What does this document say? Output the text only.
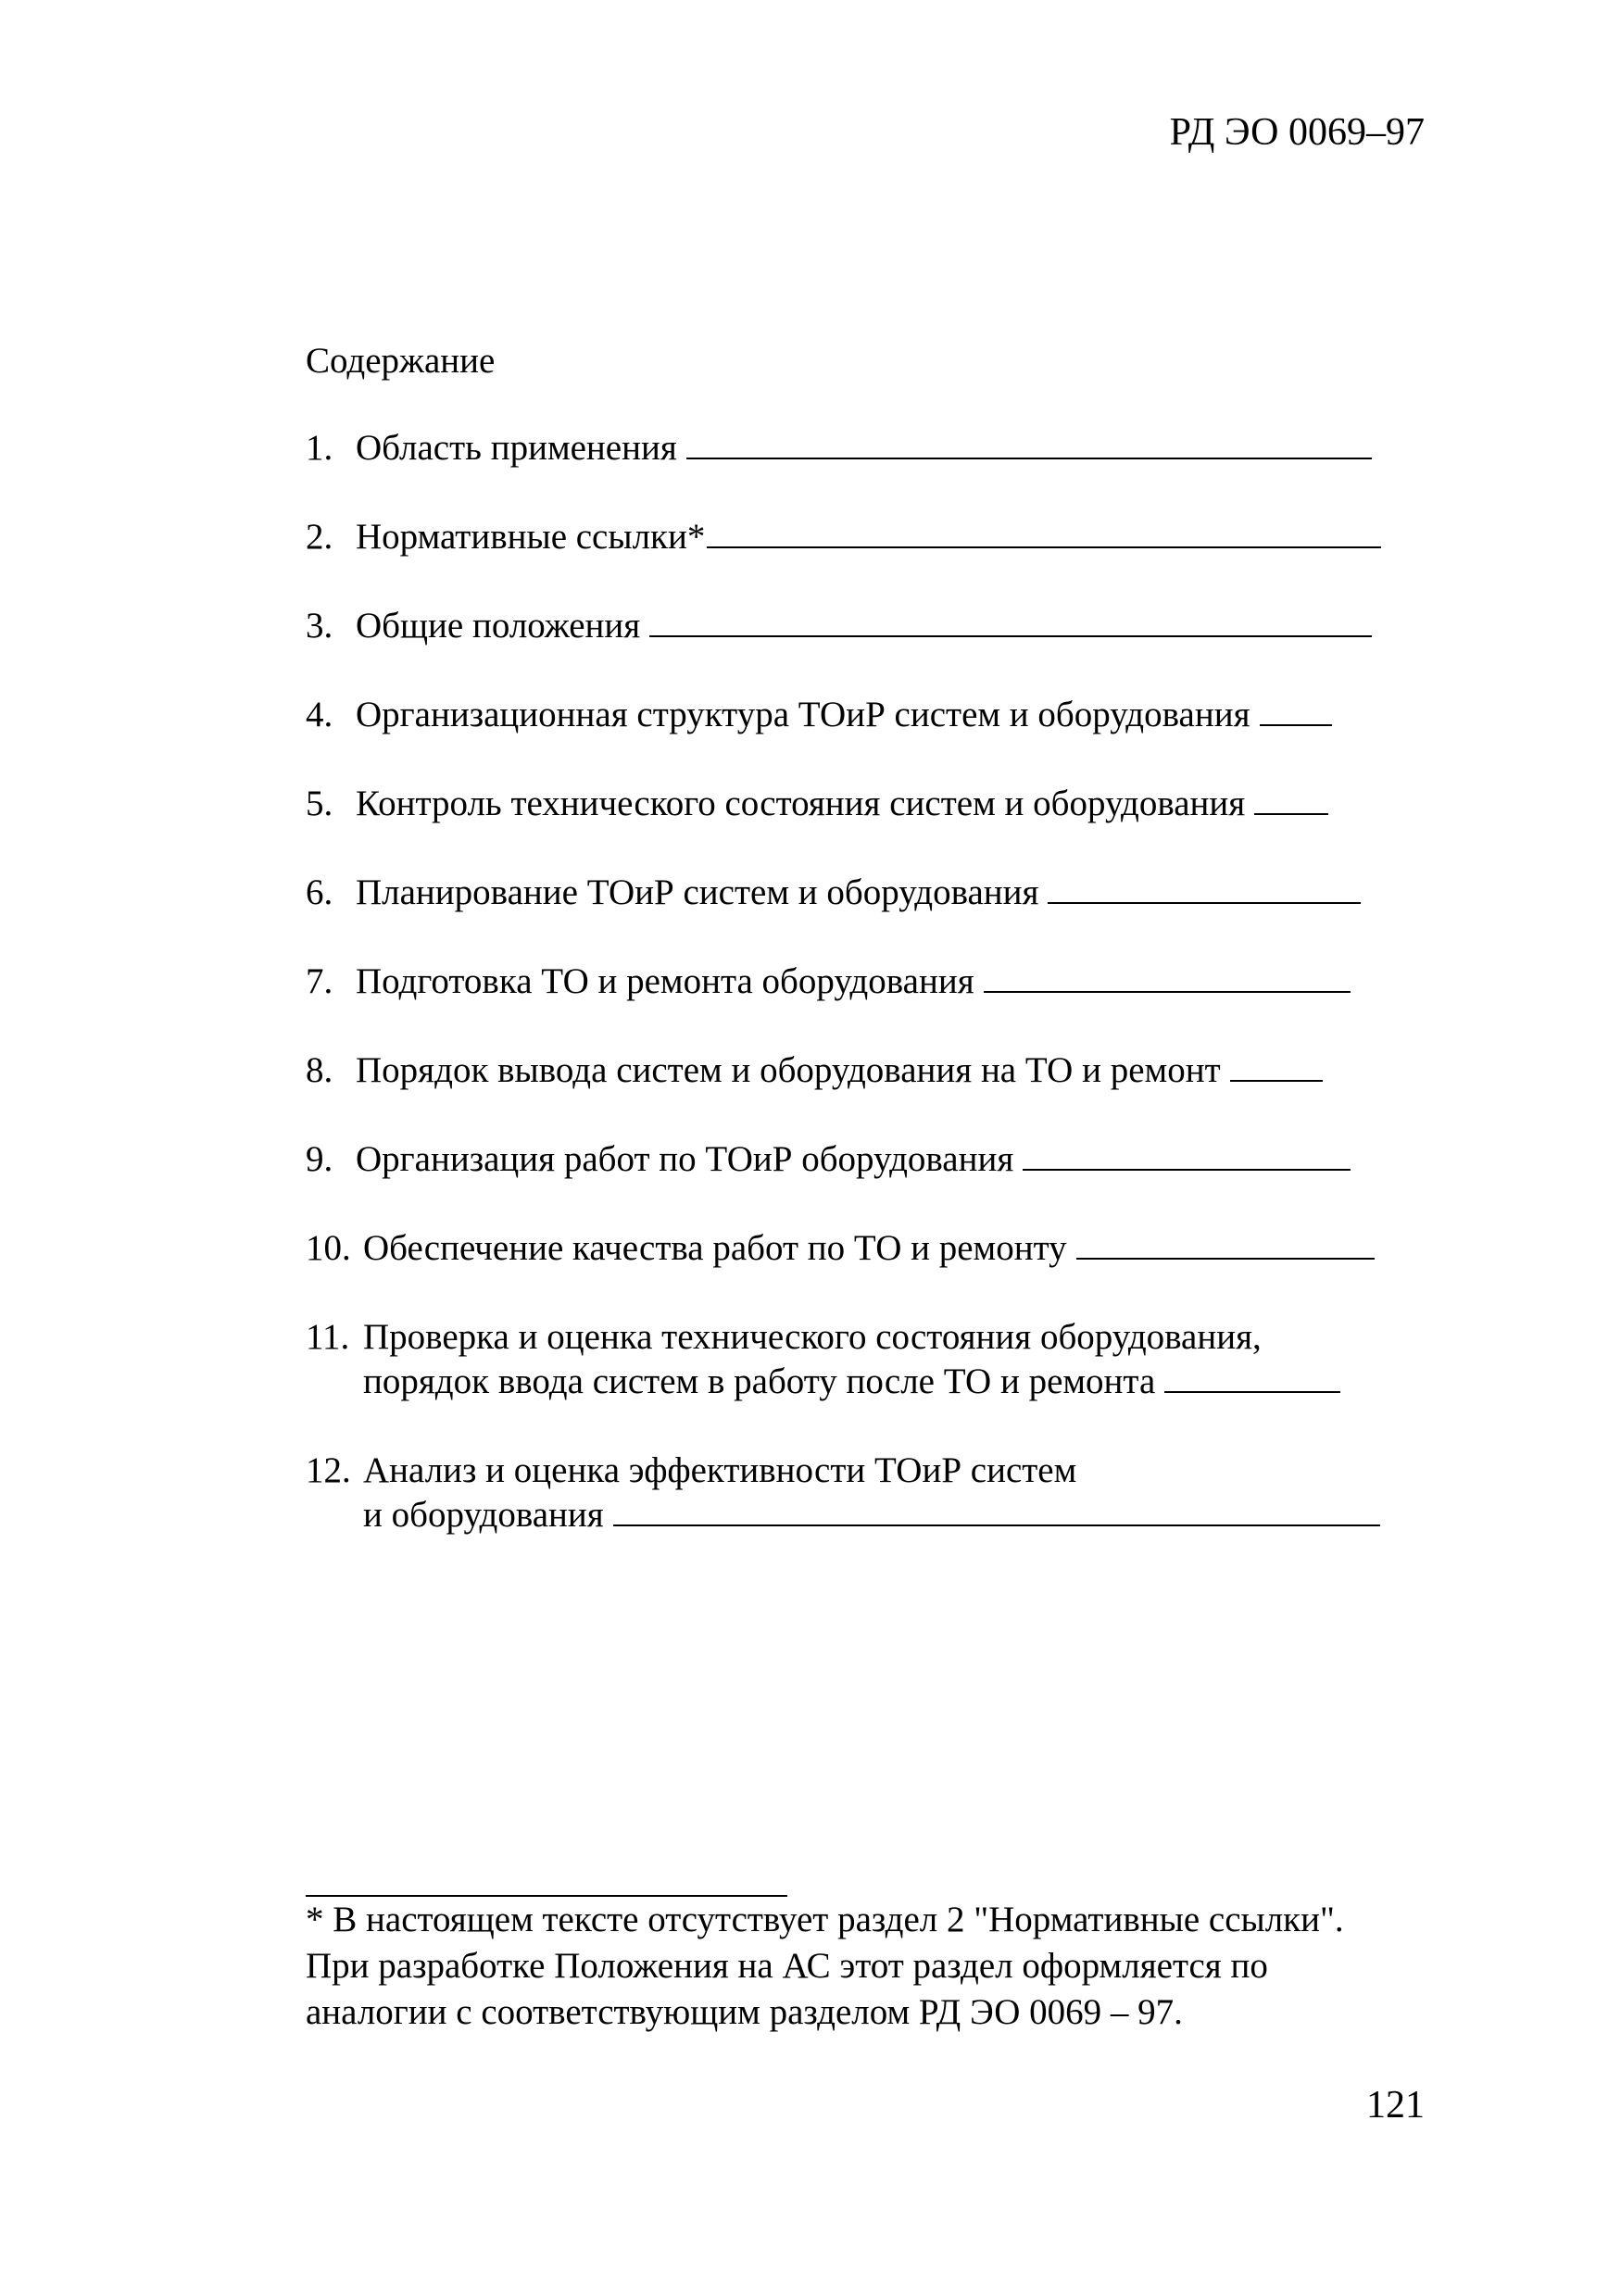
РД ЭО 0069–97
Содержание
1. Область применения
2. Нормативные ссылки*
3. Общие положения
4. Организационная структура ТОиР систем и оборудования
5. Контроль технического состояния систем и оборудования
6. Планирование ТОиР систем и оборудования
7. Подготовка ТО и ремонта оборудования
8. Порядок вывода систем и оборудования на ТО и ремонт
9. Организация работ по ТОиР оборудования
10. Обеспечение качества работ по ТО и ремонту
11. Проверка и оценка технического состояния оборудования,
порядок ввода систем в работу после ТО и ремонта
12. Анализ и оценка эффективности ТОиР систем
и оборудования
* В настоящем тексте отсутствует раздел 2 "Нормативные ссылки".
При разработке Положения на АС этот раздел оформляется по
аналогии с соответствующим разделом РД ЭО 0069 – 97.
121
